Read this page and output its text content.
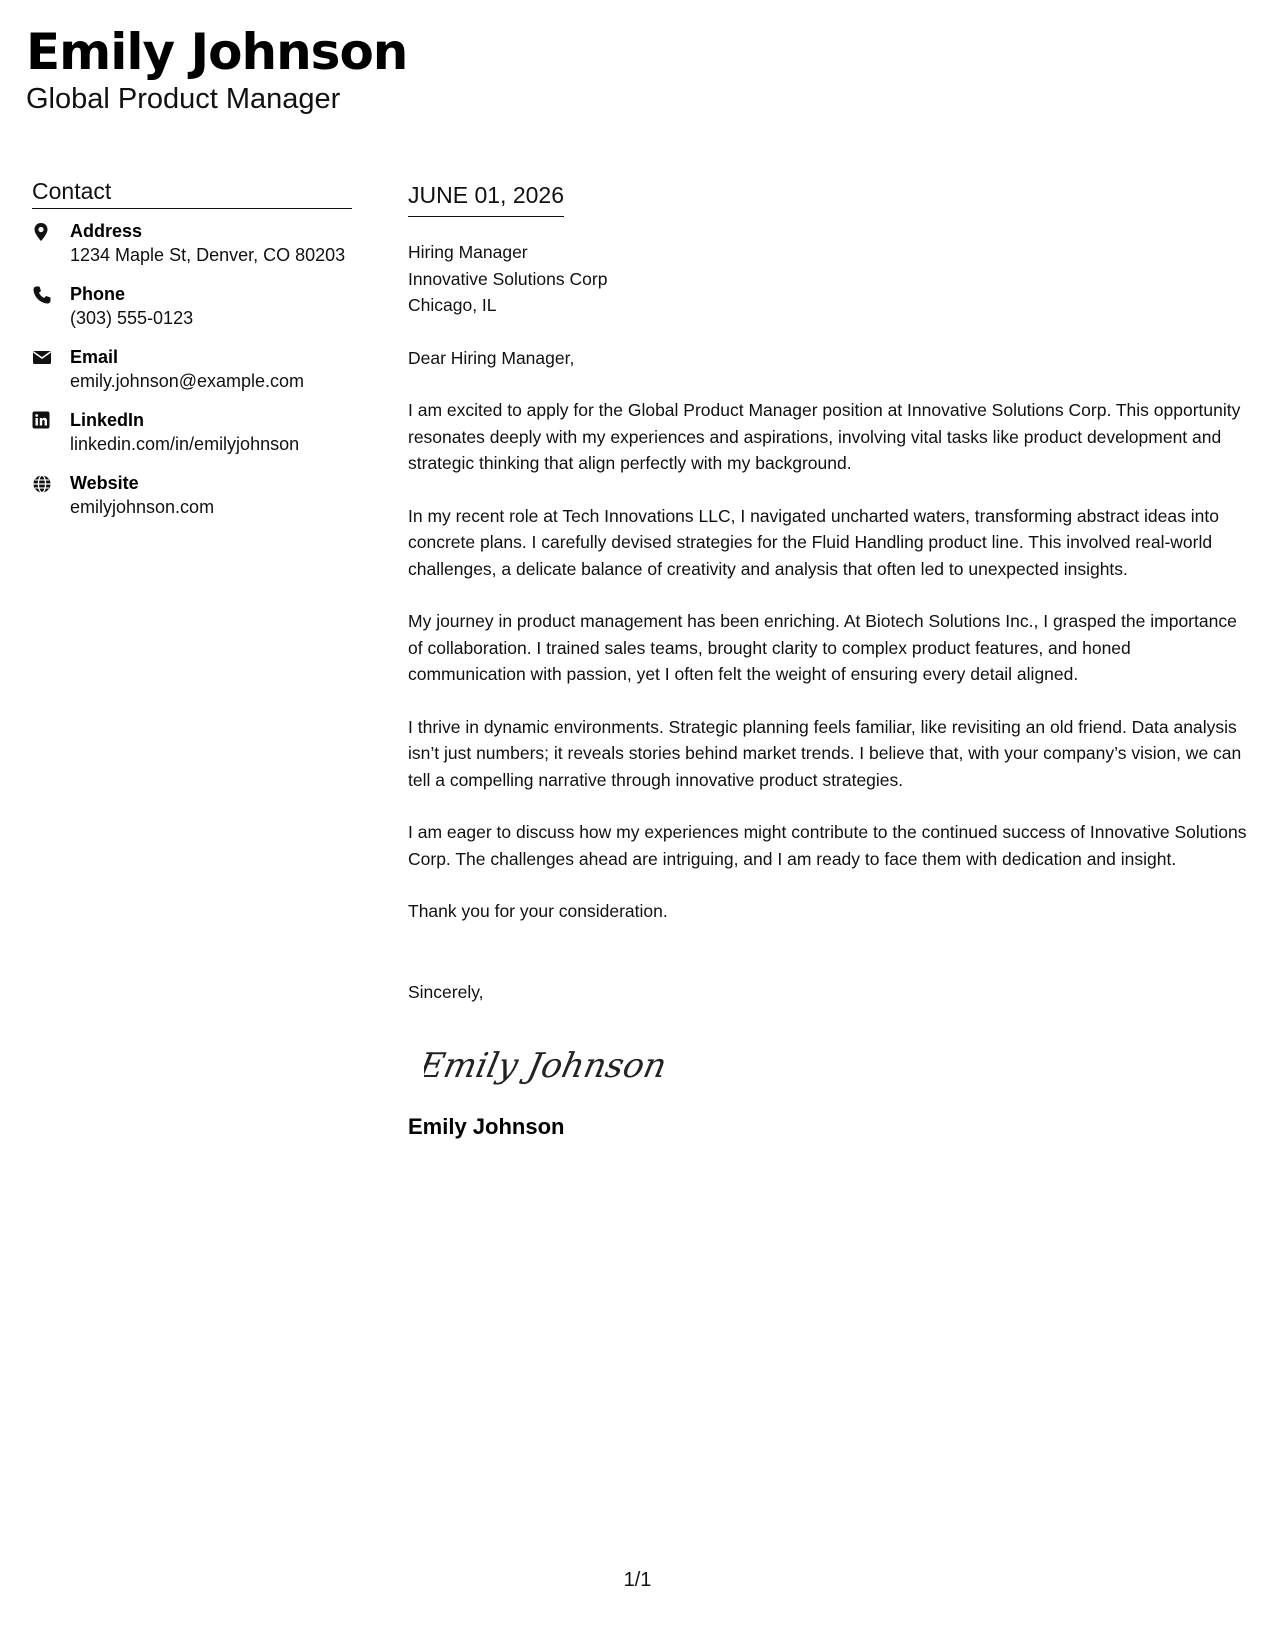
Emily Johnson
Global Product Manager
Contact
Address
1234 Maple St, Denver, CO 80203
Phone
(303) 555-0123
Email
emily.johnson@example.com
LinkedIn
linkedin.com/in/emilyjohnson
Website
emilyjohnson.com
JUNE 01, 2026
Hiring Manager
Innovative Solutions Corp
Chicago, IL

Dear Hiring Manager,

I am excited to apply for the Global Product Manager position at Innovative Solutions Corp. This opportunity resonates deeply with my experiences and aspirations, involving vital tasks like product development and strategic thinking that align perfectly with my background.

In my recent role at Tech Innovations LLC, I navigated uncharted waters, transforming abstract ideas into concrete plans. I carefully devised strategies for the Fluid Handling product line. This involved real-world challenges, a delicate balance of creativity and analysis that often led to unexpected insights.

My journey in product management has been enriching. At Biotech Solutions Inc., I grasped the importance of collaboration. I trained sales teams, brought clarity to complex product features, and honed communication with passion, yet I often felt the weight of ensuring every detail aligned.

I thrive in dynamic environments. Strategic planning feels familiar, like revisiting an old friend. Data analysis isn’t just numbers; it reveals stories behind market trends. I believe that, with your company’s vision, we can tell a compelling narrative through innovative product strategies.

I am eager to discuss how my experiences might contribute to the continued success of Innovative Solutions Corp. The challenges ahead are intriguing, and I am ready to face them with dedication and insight.

Thank you for your consideration.

Sincerely,
Emily Johnson
Emily Johnson
1/1
